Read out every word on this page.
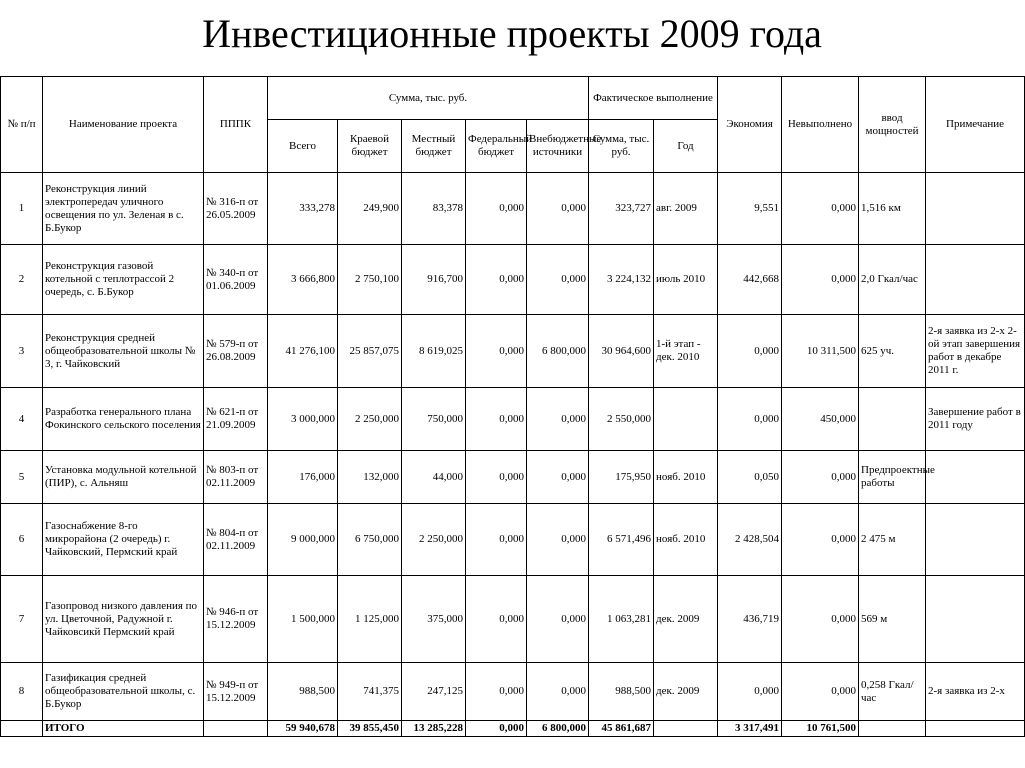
Инвестиционные проекты 2009 года
№ п/п	Наименование проекта	ПППК	Сумма, тыс. руб.					Фактическое выполнение		Экономия	Невыполнено	ввод мощностей	Примечание
			Всего	Краевой бюджет	Местный бюджет	Федеральный бюджет	Внебюджетные источники	Сумма, тыс. руб.	Год				
1	Реконструкция линий электропередач уличного освещения по ул. Зеленая в с. Б.Букор	№ 316-п от 26.05.2009	333,278	249,900	83,378	0,000	0,000	323,727	авг. 2009	9,551	0,000	1,516 км	
2	Реконструкция газовой котельной с теплотрассой 2 очередь, с. Б.Букор	№ 340-п от 01.06.2009	3 666,800	2 750,100	916,700	0,000	0,000	3 224,132	июль 2010	442,668	0,000	2,0 Гкал/час	
3	Реконструкция средней общеобразовательной школы № 3, г. Чайковский	№ 579-п от 26.08.2009	41 276,100	25 857,075	8 619,025	0,000	6 800,000	30 964,600	1-й этап - дек. 2010	0,000	10 311,500	625 уч.	2-я заявка из 2-х 2-ой этап завершения работ в декабре 2011 г.
4	Разработка генерального плана Фокинского сельского поселения	№ 621-п от 21.09.2009	3 000,000	2 250,000	750,000	0,000	0,000	2 550,000		0,000	450,000		Завершение работ в 2011 году
5	Установка модульной котельной (ПИР), с. Альняш	№ 803-п от 02.11.2009	176,000	132,000	44,000	0,000	0,000	175,950	нояб. 2010	0,050	0,000	Предпроектные работы	
6	Газоснабжение 8-го микрорайона (2 очередь) г. Чайковский, Пермский край	№ 804-п от 02.11.2009	9 000,000	6 750,000	2 250,000	0,000	0,000	6 571,496	нояб. 2010	2 428,504	0,000	2 475 м	
7	Газопровод низкого давления по ул. Цветочной, Радужной г. Чайковсикй Пермский край	№ 946-п от 15.12.2009	1 500,000	1 125,000	375,000	0,000	0,000	1 063,281	дек. 2009	436,719	0,000	569 м	
8	Газификация средней общеобразовательной школы, с. Б.Букор	№ 949-п от 15.12.2009	988,500	741,375	247,125	0,000	0,000	988,500	дек. 2009	0,000	0,000	0,258 Гкал/час	2-я заявка из 2-х
	ИТОГО		59 940,678	39 855,450	13 285,228	0,000	6 800,000	45 861,687		3 317,491	10 761,500		
